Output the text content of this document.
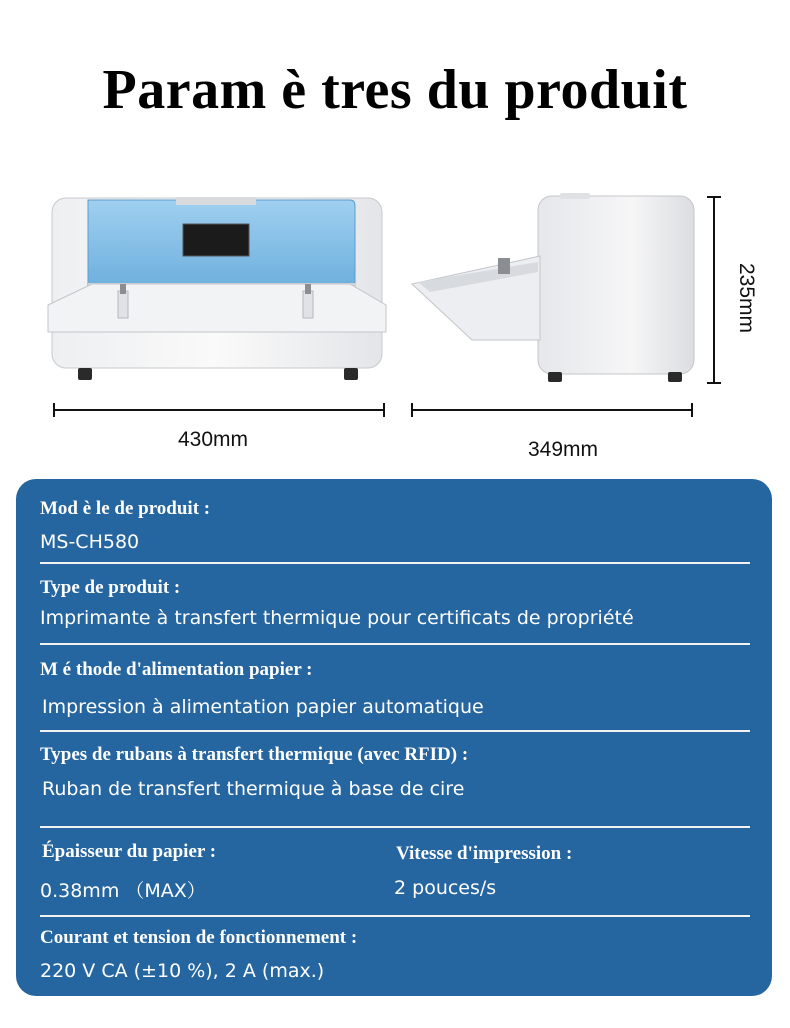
Param è tres du produit
430mm	349mm
235mm
Mod è le de produit :
MS-CH580
Type de produit :
Imprimante à transfert thermique pour certificats de propriété
M é thode d'alimentation papier :
Impression à alimentation papier automatique
Types de rubans à transfert thermique (avec RFID) :
Ruban de transfert thermique à base de cire
Épaisseur du papier :
0.38mm （MAX）
Vitesse d'impression :
2 pouces/s
Courant et tension de fonctionnement :
220 V CA (±10 %), 2 A (max.)
